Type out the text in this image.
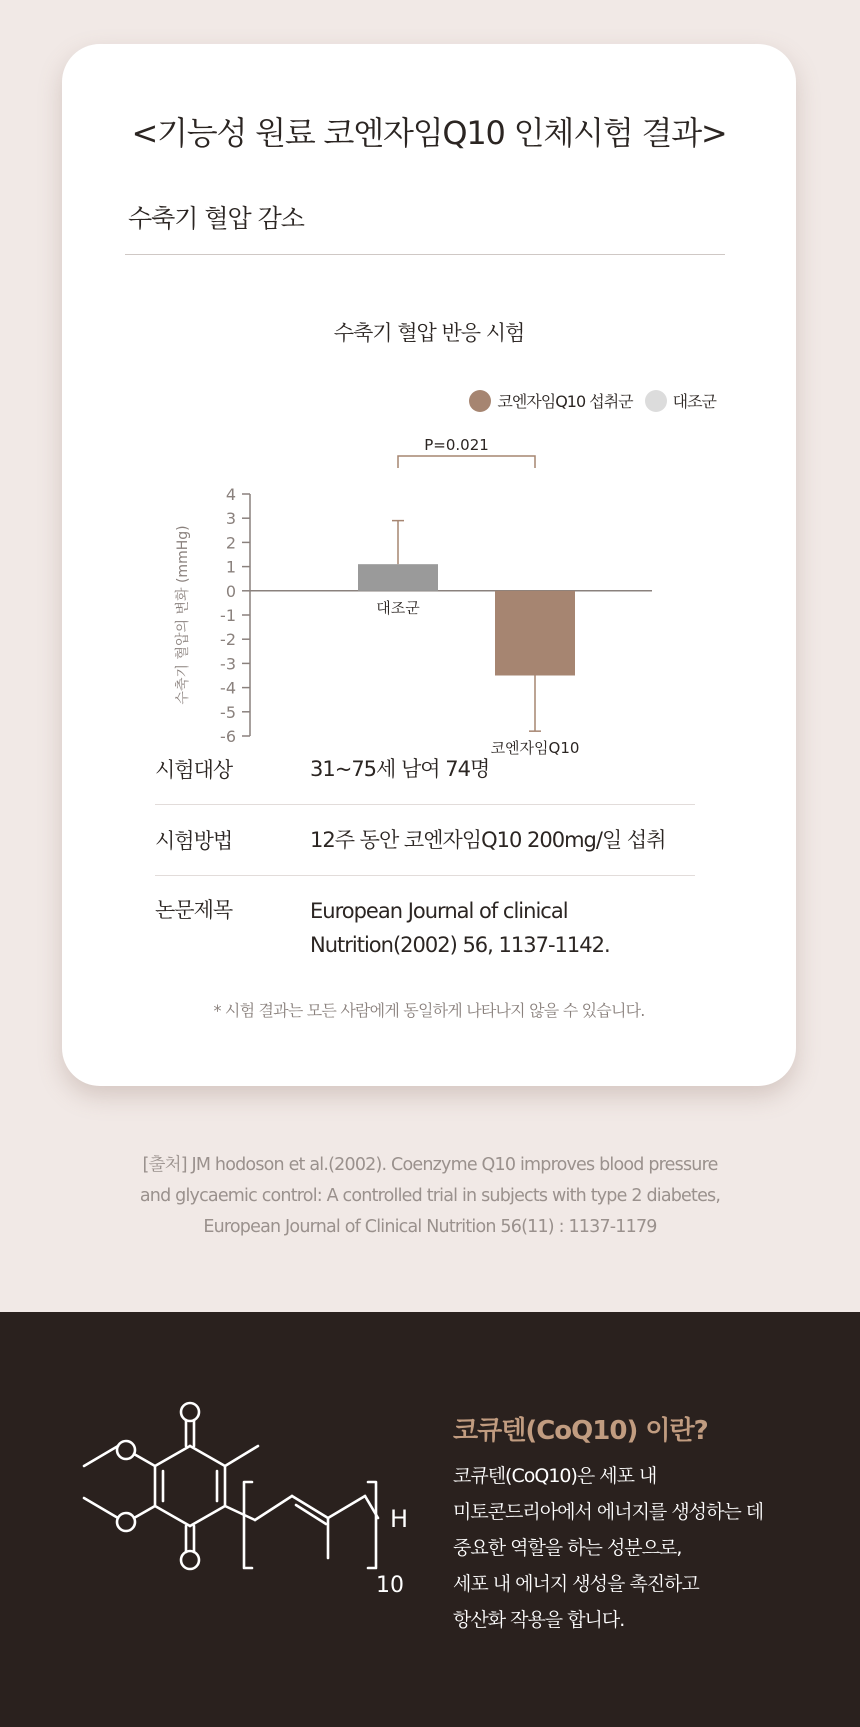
<기능성 원료 코엔자임Q10 인체시험 결과>
수축기 혈압 감소
수축기 혈압 반응 시험
코엔자임Q10 섭취군	대조군
4
3
2
1
0
-1
-2
-3
-4
-5
-6
수축기 혈압의 변화 (mmHg)	대조군
코엔자임Q10
P=0.021
시험대상	31~75세 남여 74명
시험방법	12주 동안 코엔자임Q10 200mg/일 섭취
논문제목	European Journal of clinical
Nutrition(2002) 56, 1137-1142.
* 시험 결과는 모든 사람에게 동일하게 나타나지 않을 수 있습니다.
[출처] JM hodoson et al.(2002). Coenzyme Q10 improves blood pressure
and glycaemic control: A controlled trial in subjects with type 2 diabetes,
European Journal of Clinical Nutrition 56(11) : 1137-1179
H
10
코큐텐(CoQ10) 이란?
코큐텐(CoQ10)은 세포 내
미토콘드리아에서 에너지를 생성하는 데
중요한 역할을 하는 성분으로,
세포 내 에너지 생성을 촉진하고
항산화 작용을 합니다.
